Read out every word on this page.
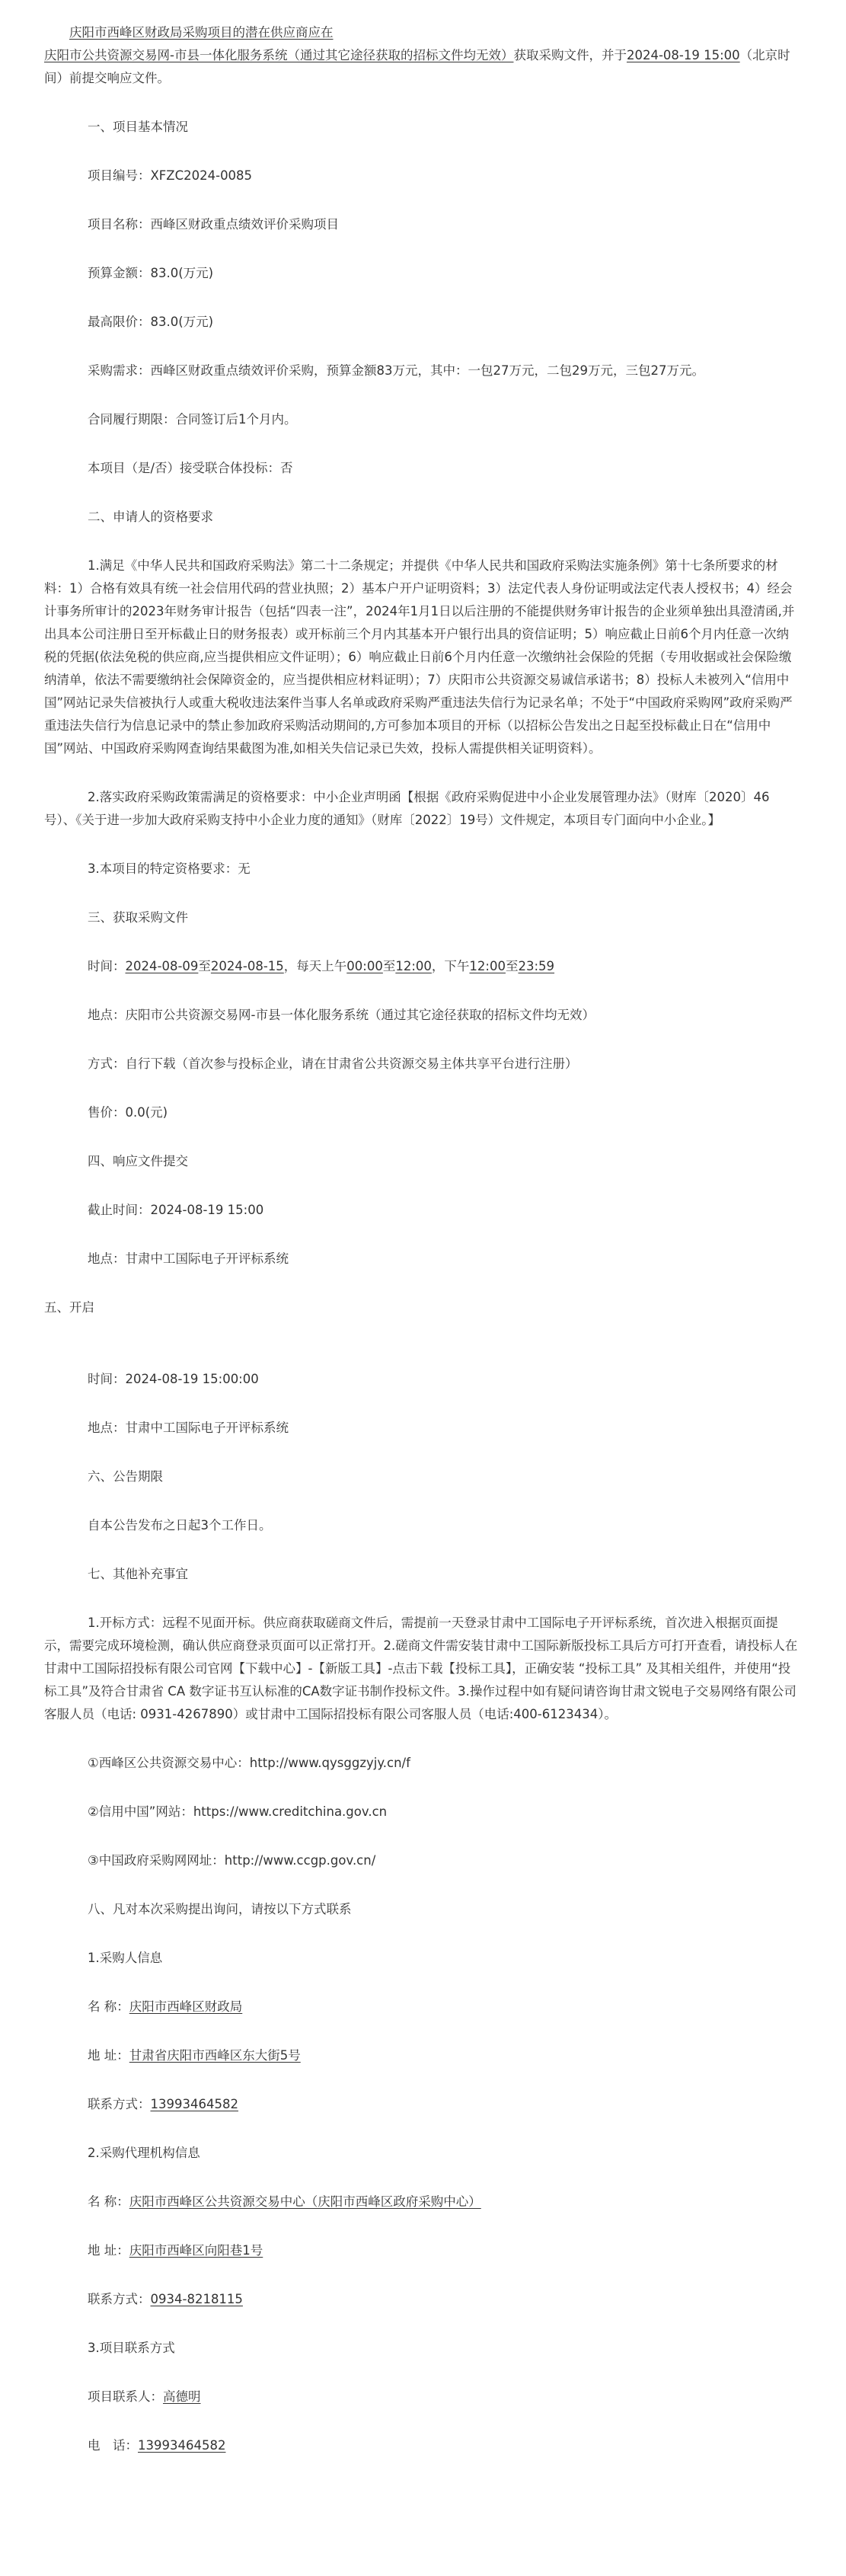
庆阳市西峰区财政局采购项目的潜在供应商应在庆阳市公共资源交易网-市县一体化服务系统（通过其它途径获取的招标文件均无效）获取采购文件，并于2024-08-19 15:00（北京时间）前提交响应文件。

一、项目基本情况

项目编号：XFZC2024-0085

项目名称：西峰区财政重点绩效评价采购项目

预算金额：83.0(万元)

最高限价：83.0(万元)

采购需求：西峰区财政重点绩效评价采购，预算金额83万元，其中：一包27万元，二包29万元，三包27万元。

合同履行期限：合同签订后1个月内。

本项目（是/否）接受联合体投标：否

二、申请人的资格要求

1.满足《中华人民共和国政府采购法》第二十二条规定；并提供《中华人民共和国政府采购法实施条例》第十七条所要求的材料：1）合格有效具有统一社会信用代码的营业执照；2）基本户开户证明资料；3）法定代表人身份证明或法定代表人授权书；4）经会计事务所审计的2023年财务审计报告（包括“四表一注”，2024年1月1日以后注册的不能提供财务审计报告的企业须单独出具澄清函,并出具本公司注册日至开标截止日的财务报表）或开标前三个月内其基本开户银行出具的资信证明；5）响应截止日前6个月内任意一次纳税的凭据(依法免税的供应商,应当提供相应文件证明）；6）响应截止日前6个月内任意一次缴纳社会保险的凭据（专用收据或社会保险缴纳清单，依法不需要缴纳社会保障资金的，应当提供相应材料证明）；7）庆阳市公共资源交易诚信承诺书；8）投标人未被列入“信用中国”网站记录失信被执行人或重大税收违法案件当事人名单或政府采购严重违法失信行为记录名单；不处于“中国政府采购网”政府采购严重违法失信行为信息记录中的禁止参加政府采购活动期间的,方可参加本项目的开标（以招标公告发出之日起至投标截止日在“信用中国”网站、中国政府采购网查询结果截图为准,如相关失信记录已失效，投标人需提供相关证明资料）。

2.落实政府采购政策需满足的资格要求：中小企业声明函【根据《政府采购促进中小企业发展管理办法》（财库〔2020〕46号）、《关于进一步加大政府采购支持中小企业力度的通知》（财库〔2022〕19号）文件规定，本项目专门面向中小企业。】

3.本项目的特定资格要求：无

三、获取采购文件

时间：2024-08-09至2024-08-15，每天上午00:00至12:00，下午12:00至23:59

地点：庆阳市公共资源交易网-市县一体化服务系统（通过其它途径获取的招标文件均无效）

方式：自行下载（首次参与投标企业，请在甘肃省公共资源交易主体共享平台进行注册）

售价：0.0(元)

四、响应文件提交

截止时间：2024-08-19 15:00

地点：甘肃中工国际电子开评标系统

五、开启

时间：2024-08-19 15:00:00

地点：甘肃中工国际电子开评标系统

六、公告期限

自本公告发布之日起3个工作日。

七、其他补充事宜

1.开标方式：远程不见面开标。供应商获取磋商文件后，需提前一天登录甘肃中工国际电子开评标系统，首次进入根据页面提示，需要完成环境检测，确认供应商登录页面可以正常打开。2.磋商文件需安装甘肃中工国际新版投标工具后方可打开查看，请投标人在甘肃中工国际招投标有限公司官网【下载中心】-【新版工具】-点击下载【投标工具】，正确安装 “投标工具” 及其相关组件，并使用“投标工具”及符合甘肃省 CA 数字证书互认标准的CA数字证书制作投标文件。3.操作过程中如有疑问请咨询甘肃文锐电子交易网络有限公司客服人员（电话: 0931-4267890）或甘肃中工国际招投标有限公司客服人员（电话:400-6123434）。

①西峰区公共资源交易中心：http://www.qysggzyjy.cn/f

②信用中国”网站：https://www.creditchina.gov.cn

③中国政府采购网网址：http://www.ccgp.gov.cn/

八、凡对本次采购提出询问，请按以下方式联系

1.采购人信息

名 称：庆阳市西峰区财政局

地 址：甘肃省庆阳市西峰区东大街5号

联系方式：13993464582

2.采购代理机构信息

名 称：庆阳市西峰区公共资源交易中心（庆阳市西峰区政府采购中心）

地 址：庆阳市西峰区向阳巷1号

联系方式：0934-8218115

3.项目联系方式

项目联系人：高德明

电　话：13993464582
